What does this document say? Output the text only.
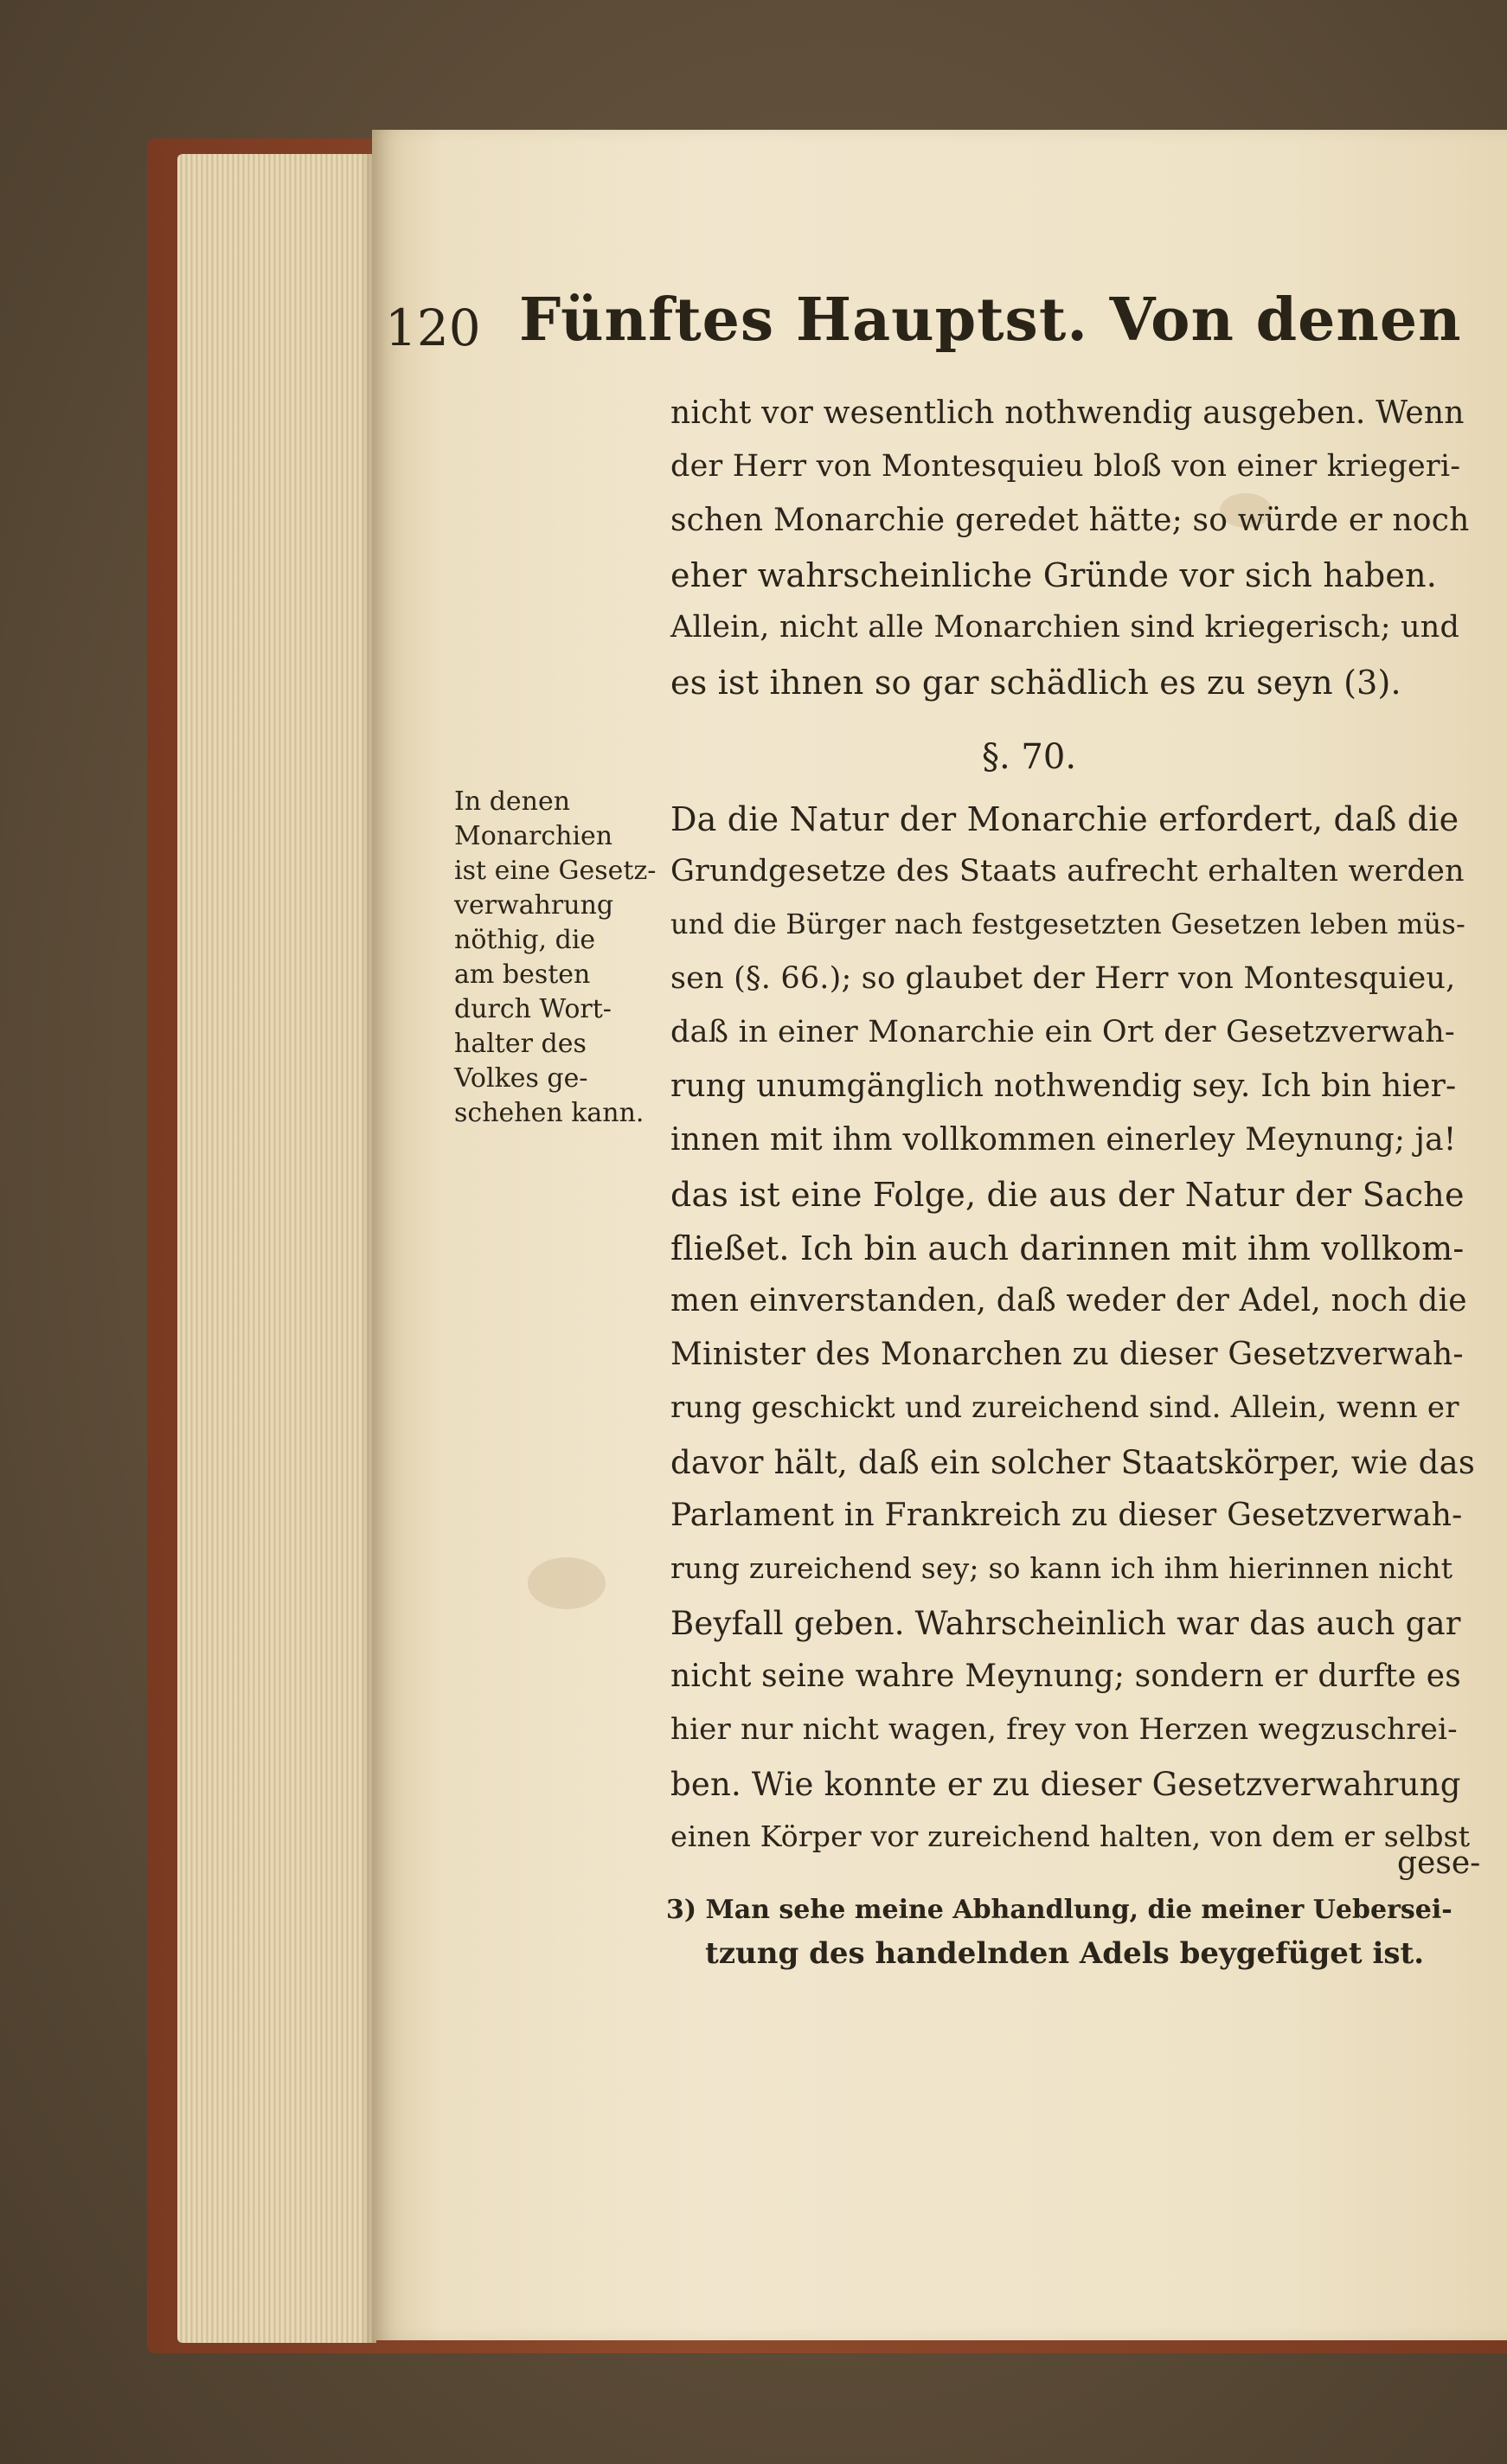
120 Fünftes Hauptst. Von denen
nicht vor wesentlich nothwendig ausgeben. Wenn
der Herr von Montesquieu bloß von einer kriegeri-
schen Monarchie geredet hätte; so würde er noch
eher wahrscheinliche Gründe vor sich haben.
Allein, nicht alle Monarchien sind kriegerisch; und
es ist ihnen so gar schädlich es zu seyn (3).
§. 70.
In denen
Monarchien
ist eine Gesetz-
verwahrung
nöthig, die
am besten
durch Wort-
halter des
Volkes ge-
schehen kann.
Da die Natur der Monarchie erfordert, daß die
Grundgesetze des Staats aufrecht erhalten werden
und die Bürger nach festgesetzten Gesetzen leben müs-
sen (§. 66.); so glaubet der Herr von Montesquieu,
daß in einer Monarchie ein Ort der Gesetzverwah-
rung unumgänglich nothwendig sey. Ich bin hier-
innen mit ihm vollkommen einerley Meynung; ja!
das ist eine Folge, die aus der Natur der Sache
fließet. Ich bin auch darinnen mit ihm vollkom-
men einverstanden, daß weder der Adel, noch die
Minister des Monarchen zu dieser Gesetzverwah-
rung geschickt und zureichend sind. Allein, wenn er
davor hält, daß ein solcher Staatskörper, wie das
Parlament in Frankreich zu dieser Gesetzverwah-
rung zureichend sey; so kann ich ihm hierinnen nicht
Beyfall geben. Wahrscheinlich war das auch gar
nicht seine wahre Meynung; sondern er durfte es
hier nur nicht wagen, frey von Herzen wegzuschrei-
ben. Wie konnte er zu dieser Gesetzverwahrung
einen Körper vor zureichend halten, von dem er selbst
gese-
3) Man sehe meine Abhandlung, die meiner Uebersei-
tzung des handelnden Adels beygefüget ist.
